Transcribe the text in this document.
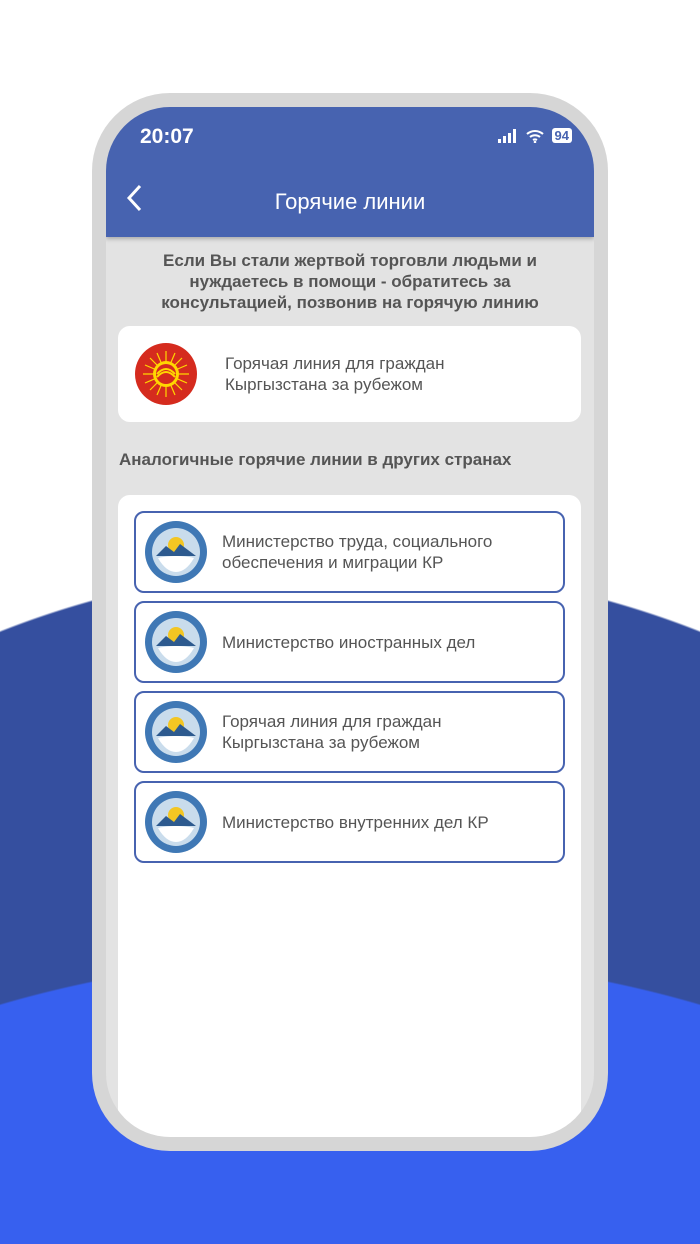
20:07	94
Горячие линии
Если Вы стали жертвой торговли людьми и нуждаетесь в помощи - обратитесь за консультацией, позвонив на горячую линию
Горячая линия для граждан
Кыргызстана за рубежом
Аналогичные горячие линии в других странах
Министерство труда, социального
обеспечения и миграции КР
Министерство иностранных дел
Горячая линия для граждан
Кыргызстана за рубежом
Министерство внутренних дел КР
